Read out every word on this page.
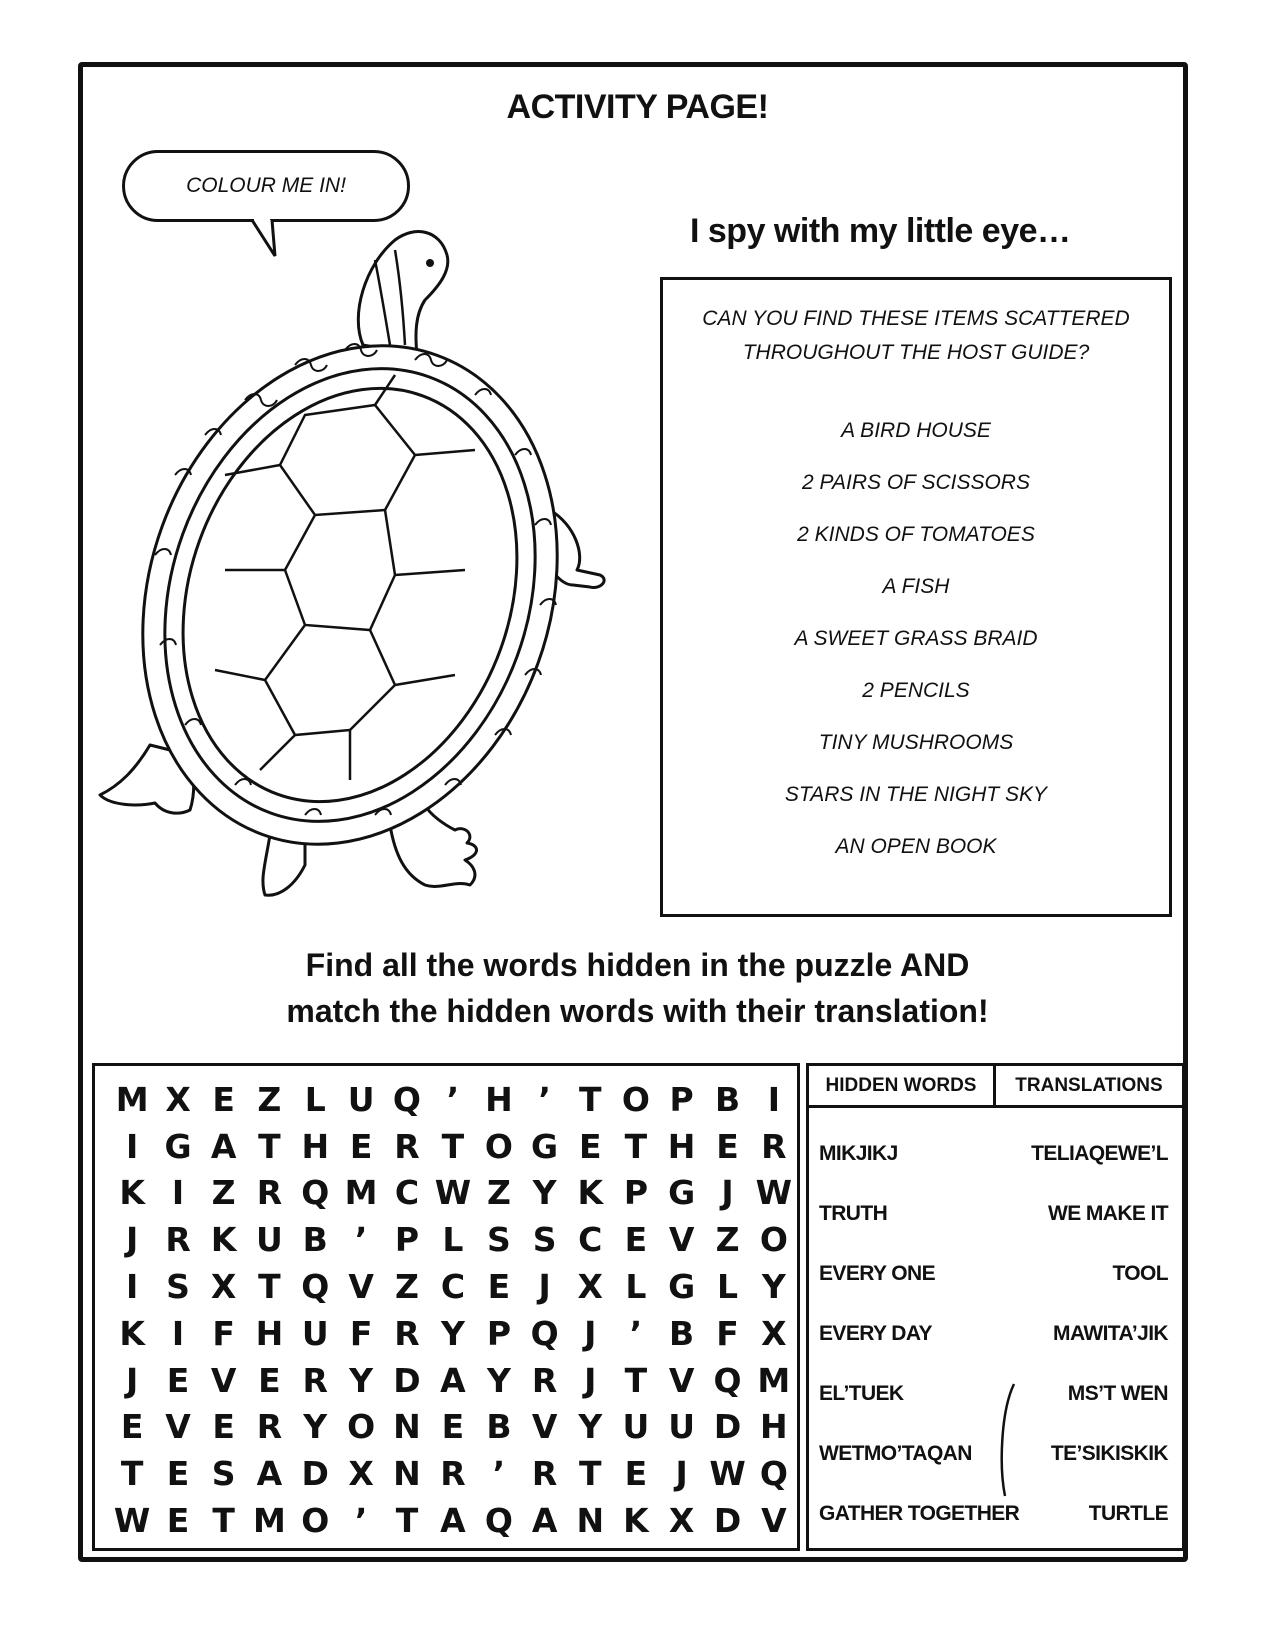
ACTIVITY PAGE!
COLOUR ME IN!
I spy with my little eye…
CAN YOU FIND THESE ITEMS SCATTERED
THROUGHOUT THE HOST GUIDE?
A BIRD HOUSE
2 PAIRS OF SCISSORS
2 KINDS OF TOMATOES
A FISH
A SWEET GRASS BRAID
2 PENCILS
TINY MUSHROOMS
STARS IN THE NIGHT SKY
AN OPEN BOOK
Find all the words hidden in the puzzle AND
match the hidden words with their translation!
M	X	E	Z	L	U	Q	’	H	’	T	O	P	B	I
I	G	A	T	H	E	R	T	O	G	E	T	H	E	R
K	I	Z	R	Q	M	C	W	Z	Y	K	P	G	J	W
J	R	K	U	B	’	P	L	S	S	C	E	V	Z	O
I	S	X	T	Q	V	Z	C	E	J	X	L	G	L	Y
K	I	F	H	U	F	R	Y	P	Q	J	’	B	F	X
J	E	V	E	R	Y	D	A	Y	R	J	T	V	Q	M
E	V	E	R	Y	O	N	E	B	V	Y	U	U	D	H
T	E	S	A	D	X	N	R	’	R	T	E	J	W	Q
W	E	T	M	O	’	T	A	Q	A	N	K	X	D	V
HIDDEN WORDS	TRANSLATIONS
MIKJIKJ	TELIAQEWE’L
TRUTH	WE MAKE IT
EVERY ONE	TOOL
EVERY DAY	MAWITA’JIK
EL’TUEK	MS’T WEN
WETMO’TAQAN	TE’SIKISKIK
GATHER TOGETHER	TURTLE
